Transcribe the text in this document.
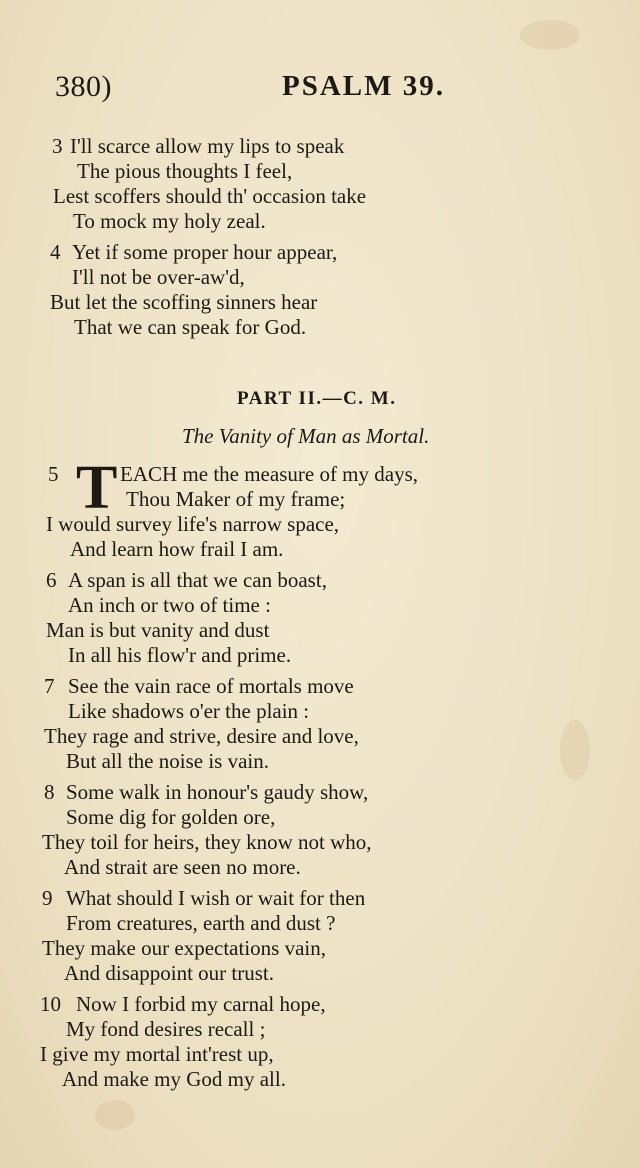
380)	PSALM 39.
3 I'll scarce allow my lips to speak
The pious thoughts I feel,
Lest scoffers should th' occasion take
To mock my holy zeal.
4 Yet if some proper hour appear,
I'll not be over-aw'd,
But let the scoffing sinners hear
That we can speak for God.
PART II.—C. M.
The Vanity of Man as Mortal.
5 T EACH me the measure of my days,
Thou Maker of my frame;
I would survey life's narrow space,
And learn how frail I am.
6 A span is all that we can boast,
An inch or two of time :
Man is but vanity and dust
In all his flow'r and prime.
7 See the vain race of mortals move
Like shadows o'er the plain :
They rage and strive, desire and love,
But all the noise is vain.
8 Some walk in honour's gaudy show,
Some dig for golden ore,
They toil for heirs, they know not who,
And strait are seen no more.
9 What should I wish or wait for then
From creatures, earth and dust ?
They make our expectations vain,
And disappoint our trust.
10 Now I forbid my carnal hope,
My fond desires recall ;
I give my mortal int'rest up,
And make my God my all.
